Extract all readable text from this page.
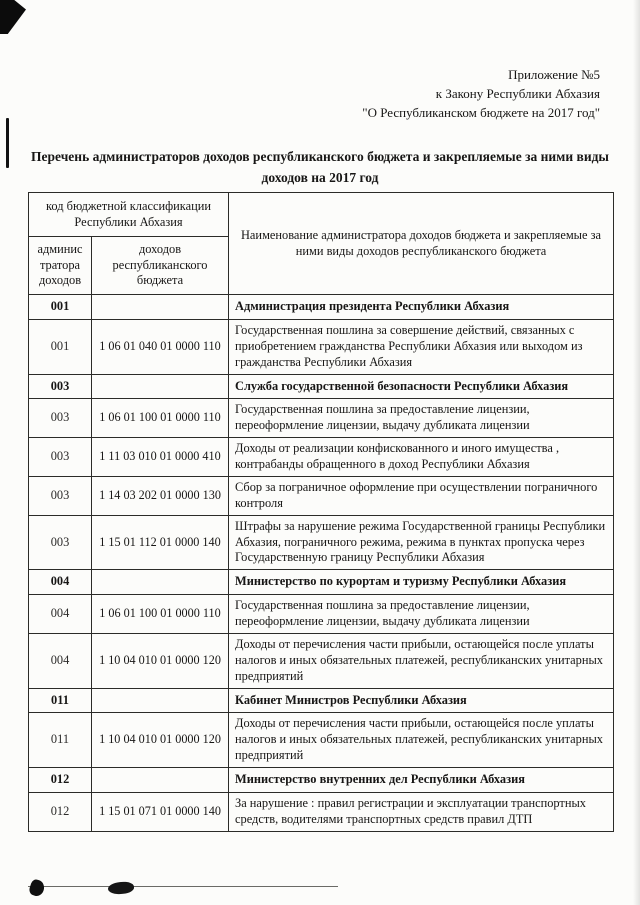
Приложение №5
к Закону Республики Абхазия
"О Республиканском бюджете на 2017 год"
Перечень администраторов доходов республиканского бюджета и закрепляемые за ними виды доходов на 2017 год
код бюджетной классификации Республики Абхазия		Наименование администратора доходов бюджета и закрепляемые за ними виды доходов республиканского бюджета
администратора доходов	доходов республиканского бюджета	
001		Администрация президента Республики Абхазия
001	1 06 01 040 01 0000 110	Государственная пошлина за совершение действий, связанных с приобретением гражданства Республики Абхазия или выходом из гражданства Республики Абхазия
003		Служба государственной безопасности Республики Абхазия
003	1 06 01 100 01 0000 110	Государственная пошлина за предоставление лицензии, переоформление лицензии, выдачу дубликата лицензии
003	1 11 03 010 01 0000 410	Доходы от реализации конфискованного и иного имущества , контрабанды обращенного в доход Республики Абхазия
003	1 14 03 202 01 0000 130	Сбор за пограничное оформление при осуществлении пограничного контроля
003	1 15 01 112 01 0000 140	Штрафы за нарушение режима Государственной границы Республики Абхазия, пограничного режима, режима в пунктах пропуска через Государственную границу Республики Абхазия
004		Министерство по курортам и туризму Республики Абхазия
004	1 06 01 100 01 0000 110	Государственная пошлина за предоставление лицензии, переоформление лицензии, выдачу дубликата лицензии
004	1 10 04 010 01 0000 120	Доходы от перечисления части прибыли, остающейся после уплаты налогов и иных обязательных платежей, республиканских унитарных предприятий
011		Кабинет Министров Республики Абхазия
011	1 10 04 010 01 0000 120	Доходы от перечисления части прибыли, остающейся после уплаты налогов и иных обязательных платежей, республиканских унитарных предприятий
012		Министерство внутренних дел Республики Абхазия
012	1 15 01 071 01 0000 140	За нарушение : правил регистрации и эксплуатации транспортных средств, водителями транспортных средств правил ДТП
